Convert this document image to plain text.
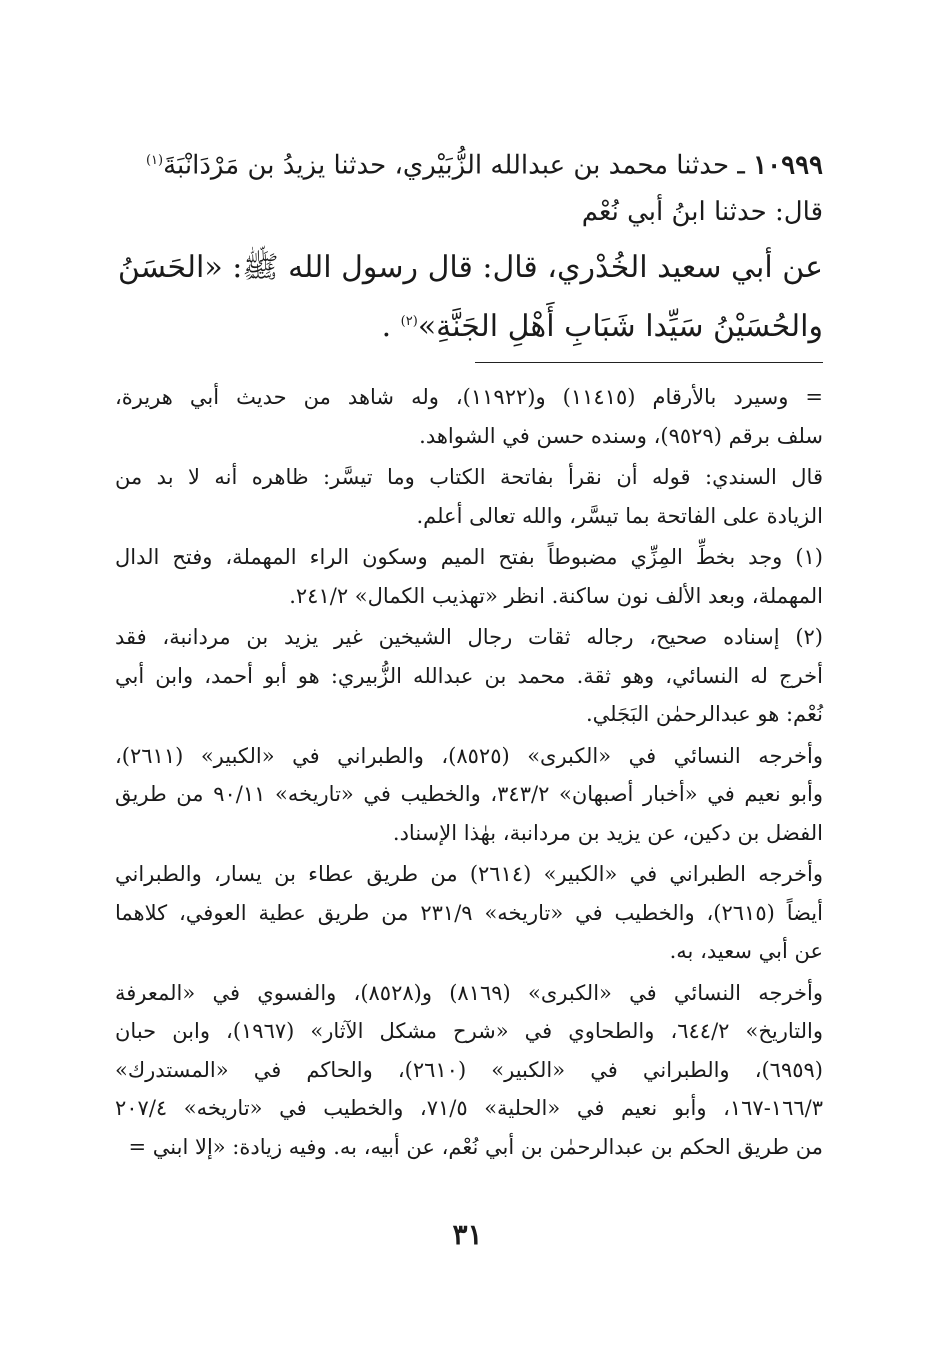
١٠٩٩٩ ـ حدثنا محمد بن عبدالله الزُّبَيْري، حدثنا يزيدُ بن مَرْدَانْبَةَ$^{(١)}$

قال: حدثنا ابنُ أبي نُعْم

عن أبي سعيد الخُدْري، قال: قال رسول الله ﷺ: «الحَسَنُ

والحُسَيْنُ سَيِّدا شَبَابِ أَهْلِ الجَنَّةِ»$^{(٢)}$ .

= وسيرد بالأرقام (١١٤١٥) و(١١٩٢٢)، وله شاهد من حديث أبي هريرة،
سلف برقم (٩٥٢٩)، وسنده حسن في الشواهد.
قال السندي: قوله أن نقرأ بفاتحة الكتاب وما تيسَّر: ظاهره أنه لا بد من
الزيادة على الفاتحة بما تيسَّر، والله تعالى أعلم.
(١) وجد بخطِّ المِزِّي مضبوطاً بفتح الميم وسكون الراء المهملة، وفتح الدال
المهملة، وبعد الألف نون ساكنة. انظر «تهذيب الكمال» ٢٤١/٢.
(٢) إسناده صحيح، رجاله ثقات رجال الشيخين غير يزيد بن مردانبة، فقد
أخرج له النسائي، وهو ثقة. محمد بن عبدالله الزُّبيري: هو أبو أحمد، وابن أبي
نُعْم: هو عبدالرحمٰن البَجَلي.
وأخرجه النسائي في «الكبرى» (٨٥٢٥)، والطبراني في «الكبير» (٢٦١١)،
وأبو نعيم في «أخبار أصبهان» ٣٤٣/٢، والخطيب في «تاريخه» ٩٠/١١ من طريق
الفضل بن دكين، عن يزيد بن مردانبة، بهٰذا الإسناد.
وأخرجه الطبراني في «الكبير» (٢٦١٤) من طريق عطاء بن يسار، والطبراني
أيضاً (٢٦١٥)، والخطيب في «تاريخه» ٢٣١/٩ من طريق عطية العوفي، كلاهما
عن أبي سعيد، به.
وأخرجه النسائي في «الكبرى» (٨١٦٩) و(٨٥٢٨)، والفسوي في «المعرفة
والتاريخ» ٦٤٤/٢، والطحاوي في «شرح مشكل الآثار» (١٩٦٧)، وابن حبان
(٦٩٥٩)، والطبراني في «الكبير» (٢٦١٠)، والحاكم في «المستدرك»
١٦٦/٣-١٦٧، وأبو نعيم في «الحلية» ٧١/٥، والخطيب في «تاريخه» ٢٠٧/٤
من طريق الحكم بن عبدالرحمٰن بن أبي نُعْم، عن أبيه، به. وفيه زيادة: «إلا ابني =
٣١
